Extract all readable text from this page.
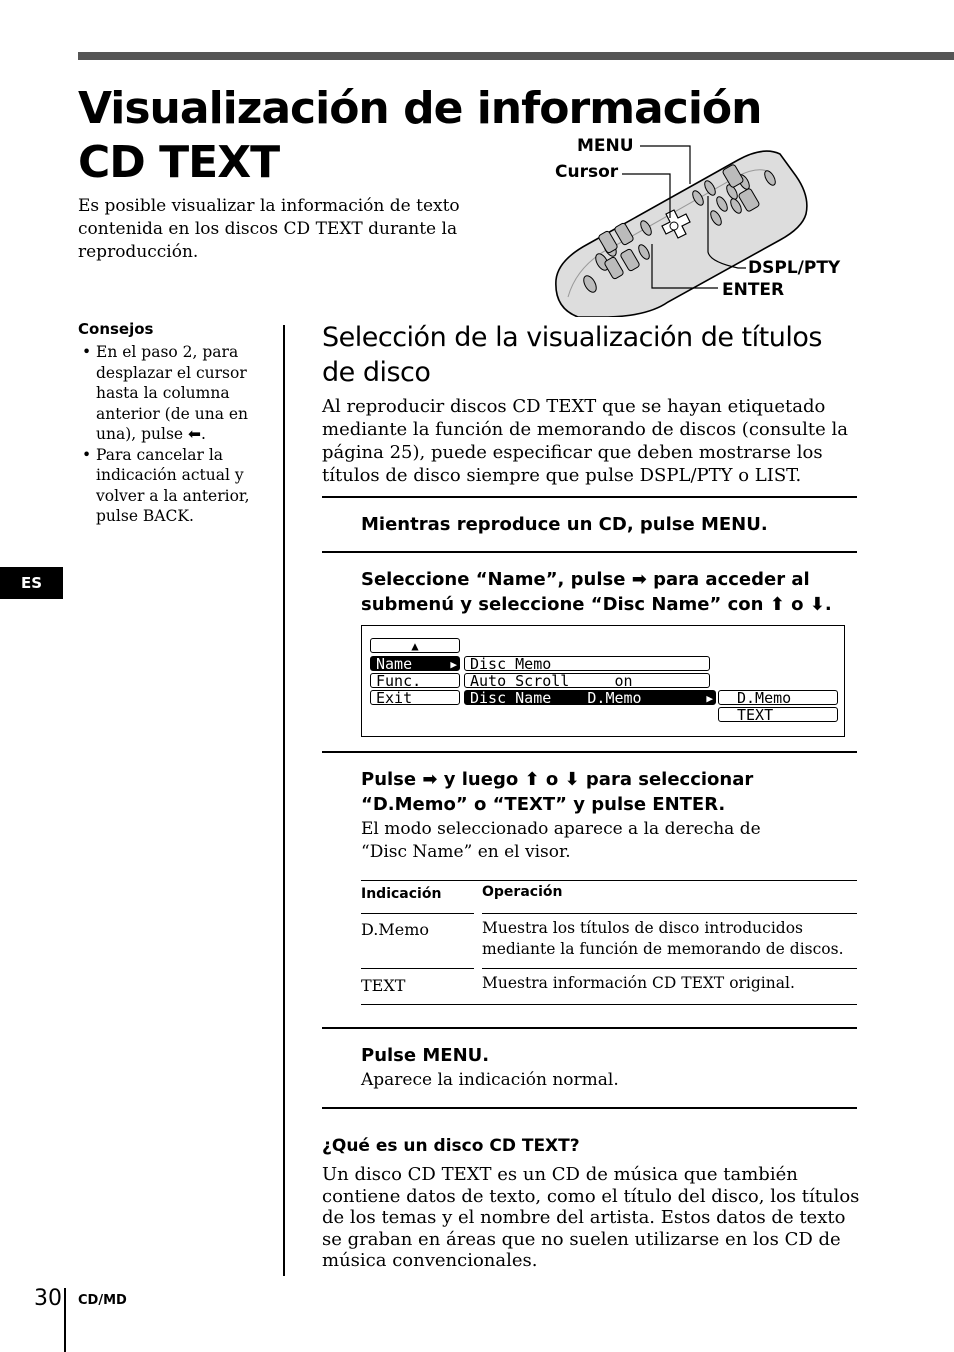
Visualización de información
CD TEXT
Es posible visualizar la información de texto contenida en los discos CD TEXT durante la reproducción.
MENU
Cursor
DSPL/PTY
ENTER
Consejos
• En el paso 2, para desplazar el cursor hasta la columna anterior (de una en una), pulse ⬅.
• Para cancelar la indicación actual y volver a la anterior, pulse BACK.
ES
Selección de la visualización de títulos de disco
Al reproducir discos CD TEXT que se hayan etiquetado mediante la función de memorando de discos (consulte la página 25), puede especificar que deben mostrarse los títulos de disco siempre que pulse DSPL/PTY o LIST.
Mientras reproduce un CD, pulse MENU.
Seleccione “Name”, pulse ➡ para acceder al submenú y seleccione “Disc Name” con ⬆ o ⬇.
▲
Name	▶
Func.
Exit
Disc Memo
Auto Scroll     on
Disc Name    D.Memo	▶	D.Memo
TEXT
Pulse ➡ y luego ⬆ o ⬇ para seleccionar “D.Memo” o “TEXT” y pulse ENTER.
El modo seleccionado aparece a la derecha de “Disc Name” en el visor.
Indicación	Operación
D.Memo	Muestra los títulos de disco introducidos mediante la función de memorando de discos.
TEXT	Muestra información CD TEXT original.
Pulse MENU.
Aparece la indicación normal.
¿Qué es un disco CD TEXT?
Un disco CD TEXT es un CD de música que también contiene datos de texto, como el título del disco, los títulos de los temas y el nombre del artista. Estos datos de texto se graban en áreas que no suelen utilizarse en los CD de música convencionales.
30 CD/MD
